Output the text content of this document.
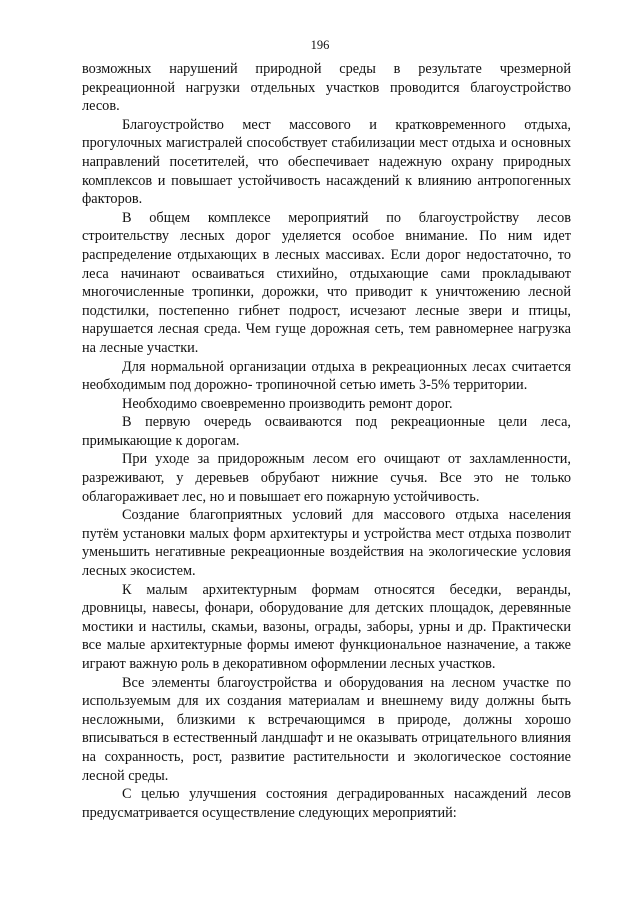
196

возможных нарушений природной среды в результате чрезмерной рекреационной нагрузки отдельных участков проводится благоустройство лесов.

Благоустройство мест массового и кратковременного отдыха, прогулочных магистралей способствует стабилизации мест отдыха и основных направлений посетителей, что обеспечивает надежную охрану природных комплексов и повышает устойчивость насаждений к влиянию антропогенных факторов.

В общем комплексе мероприятий по благоустройству лесов строительству лесных дорог уделяется особое внимание. По ним идет распределение отдыхающих в лесных массивах. Если дорог недостаточно, то леса начинают осваиваться стихийно, отдыхающие сами прокладывают многочисленные тропинки, дорожки, что приводит к уничтожению лесной подстилки, постепенно гибнет подрост, исчезают лесные звери и птицы, нарушается лесная среда. Чем гуще дорожная сеть, тем равномернее нагрузка на лесные участки.

Для нормальной организации отдыха в рекреационных лесах считается необходимым под дорожно- тропиночной сетью иметь 3-5% территории.

Необходимо своевременно производить ремонт дорог.

В первую очередь осваиваются под рекреационные цели леса, примыкающие к дорогам.

При уходе за придорожным лесом его очищают от захламленности, разреживают, у деревьев обрубают нижние сучья. Все это не только облагораживает лес, но и повышает его пожарную устойчивость.

Создание благоприятных условий для массового отдыха населения путём установки малых форм архитектуры и устройства мест отдыха позволит уменьшить негативные рекреационные воздействия на экологические условия лесных экосистем.

К малым архитектурным формам относятся беседки, веранды, дровницы, навесы, фонари, оборудование для детских площадок, деревянные мостики и настилы, скамьи, вазоны, ограды, заборы, урны и др. Практически все малые архитектурные формы имеют функциональное назначение, а также играют важную роль в декоративном оформлении лесных участков.

Все элементы благоустройства и оборудования на лесном участке по используемым для их создания материалам и внешнему виду должны быть несложными, близкими к встречающимся в природе, должны хорошо вписываться в естественный ландшафт и не оказывать отрицательного влияния на сохранность, рост, развитие растительности и экологическое состояние лесной среды.

С целью улучшения состояния деградированных насаждений лесов предусматривается осуществление следующих мероприятий:
